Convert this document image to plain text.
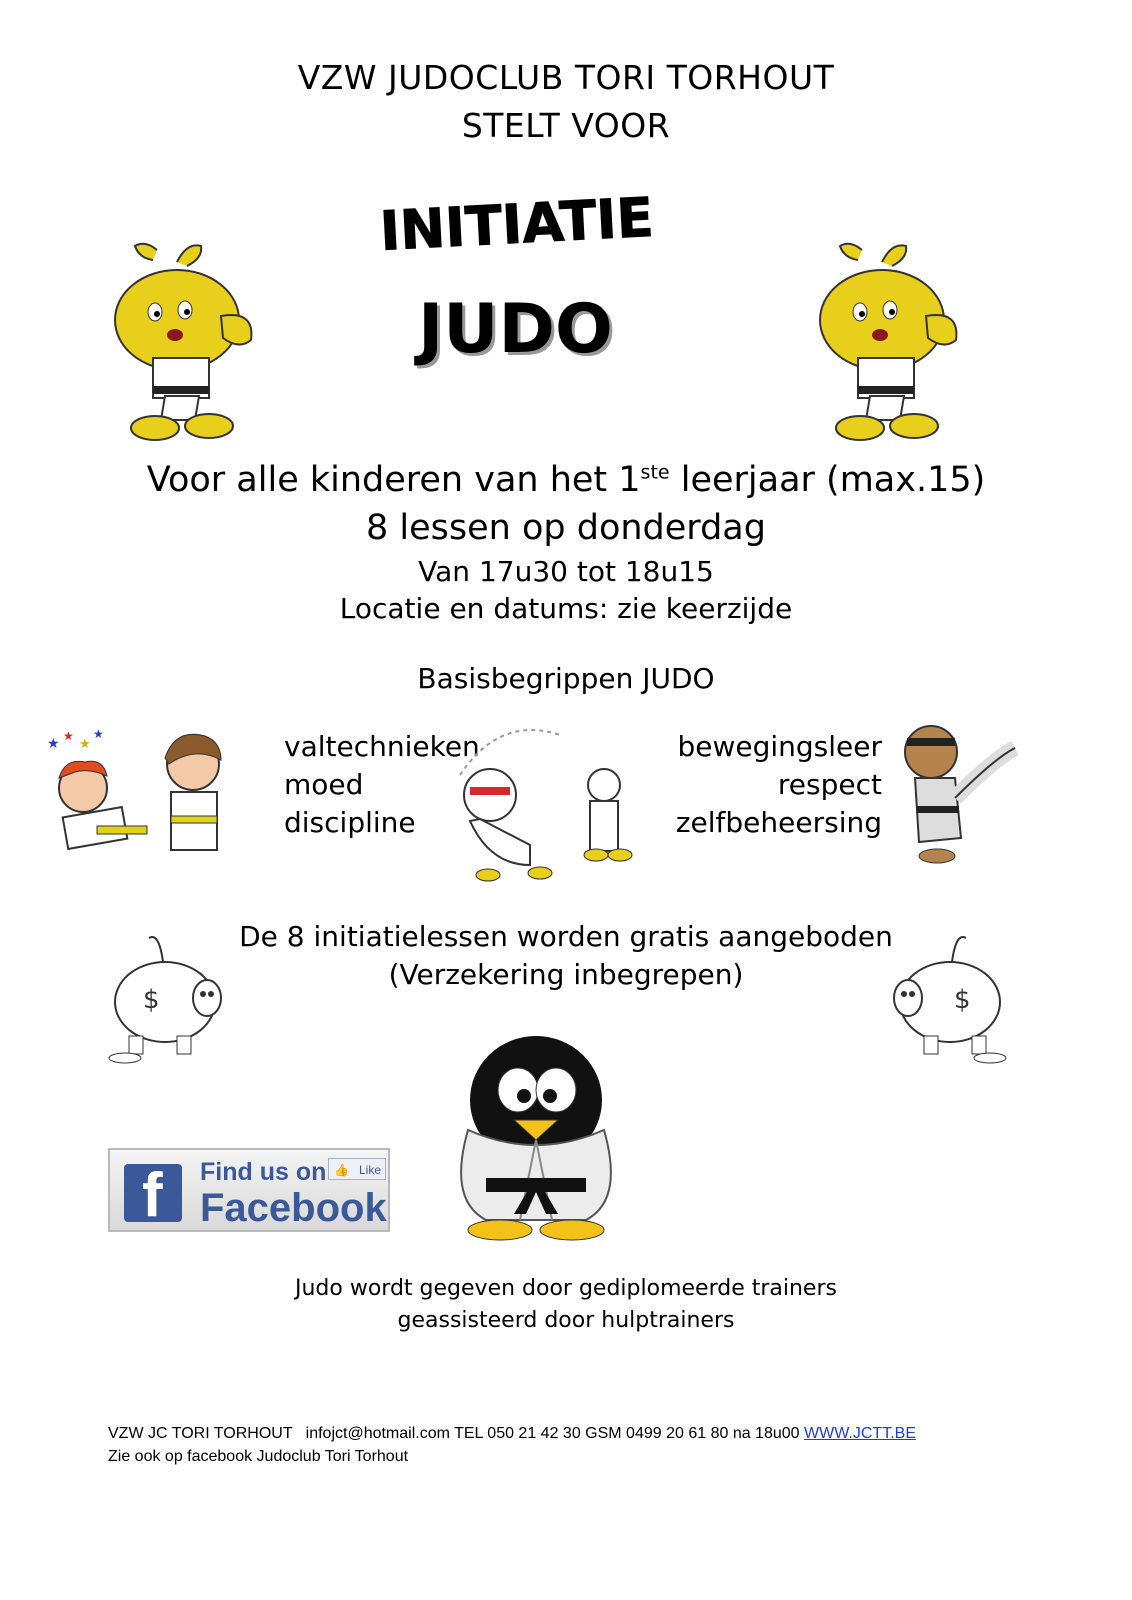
VZW JUDOCLUB TORI TORHOUT
STELT VOOR
INITIATIE
JUDO
Voor alle kinderen van het 1ste leerjaar (max.15)
8 lessen op donderdag
Van 17u30 tot 18u15
Locatie en datums: zie keerzijde
Basisbegrippen JUDO
valtechnieken
moed
discipline
bewegingsleer
respect
zelfbeheersing
★ ★
★
★
De 8 initiatielessen worden gratis aangeboden
(Verzekering inbegrepen)
$	$
f Find us on 👍 Like
Facebook
Judo wordt gegeven door gediplomeerde trainers
geassisteerd door hulptrainers
VZW JC TORI TORHOUT   infojct@hotmail.com TEL 050 21 42 30 GSM 0499 20 61 80 na 18u00 WWW.JCTT.BE
Zie ook op facebook Judoclub Tori Torhout
